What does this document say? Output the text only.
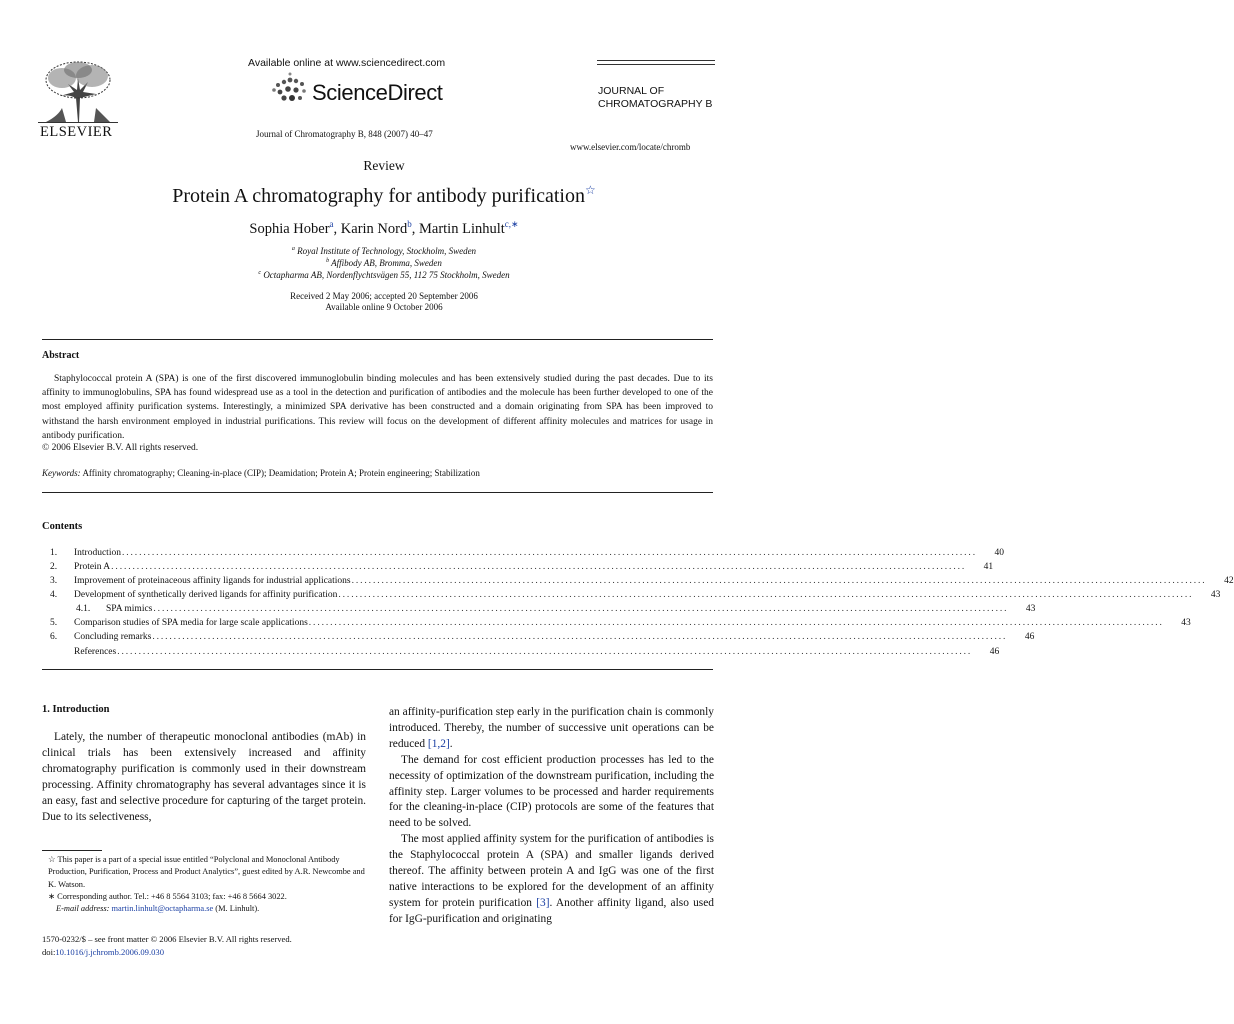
ELSEVIER
Available online at www.sciencedirect.com
ScienceDirect
Journal of Chromatography B, 848 (2007) 40–47
JOURNAL OF
CHROMATOGRAPHY B
www.elsevier.com/locate/chromb
Review
Protein A chromatography for antibody purification☆
Sophia Hober$^a$, Karin Nord$^b$, Martin Linhult$^{c,∗}$
$^a$ Royal Institute of Technology, Stockholm, Sweden
$^b$ Affibody AB, Bromma, Sweden
$^c$ Octapharma AB, Nordenflychtsvägen 55, 112 75 Stockholm, Sweden
Received 2 May 2006; accepted 20 September 2006
Available online 9 October 2006
Abstract
Staphylococcal protein A (SPA) is one of the first discovered immunoglobulin binding molecules and has been extensively studied during the past decades. Due to its affinity to immunoglobulins, SPA has found widespread use as a tool in the detection and purification of antibodies and the molecule has been further developed to one of the most employed affinity purification systems. Interestingly, a minimized SPA derivative has been constructed and a domain originating from SPA has been improved to withstand the harsh environment employed in industrial purifications. This review will focus on the development of different affinity molecules and matrices for usage in antibody purification.
© 2006 Elsevier B.V. All rights reserved.
Keywords: Affinity chromatography; Cleaning-in-place (CIP); Deamidation; Protein A; Protein engineering; Stabilization
Contents
1.	Introduction ........................................................................................................................................................................................................	40
2.	Protein A ........................................................................................................................................................................................................	41
3.	Improvement of proteinaceous affinity ligands for industrial applications ........................................................................................................................................................................................................	42
4.	Development of synthetically derived ligands for affinity purification ........................................................................................................................................................................................................	43
4.1.	SPA mimics ........................................................................................................................................................................................................	43
5.	Comparison studies of SPA media for large scale applications ........................................................................................................................................................................................................	43
6.	Concluding remarks ........................................................................................................................................................................................................	46
References ........................................................................................................................................................................................................	46
1. Introduction

Lately, the number of therapeutic monoclonal antibodies (mAb) in clinical trials has been extensively increased and affinity chromatography purification is commonly used in their downstream processing. Affinity chromatography has several advantages since it is an easy, fast and selective procedure for capturing of the target protein. Due to its selectiveness,

an affinity-purification step early in the purification chain is commonly introduced. Thereby, the number of successive unit operations can be reduced [1,2].

The demand for cost efficient production processes has led to the necessity of optimization of the downstream purification, including the affinity step. Larger volumes to be processed and harder requirements for the cleaning-in-place (CIP) protocols are some of the features that need to be solved.

The most applied affinity system for the purification of antibodies is the Staphylococcal protein A (SPA) and smaller ligands derived thereof. The affinity between protein A and IgG was one of the first native interactions to be explored for the development of an affinity system for protein purification [3]. Another affinity ligand, also used for IgG-purification and originating

☆ This paper is a part of a special issue entitled “Polyclonal and Monoclonal Antibody Production, Purification, Process and Product Analytics”, guest edited by A.R. Newcombe and K. Watson.

∗ Corresponding author. Tel.: +46 8 5564 3103; fax: +46 8 5664 3022.

E-mail address: martin.linhult@octapharma.se (M. Linhult).

1570-0232/$ – see front matter © 2006 Elsevier B.V. All rights reserved.
doi:10.1016/j.jchromb.2006.09.030
